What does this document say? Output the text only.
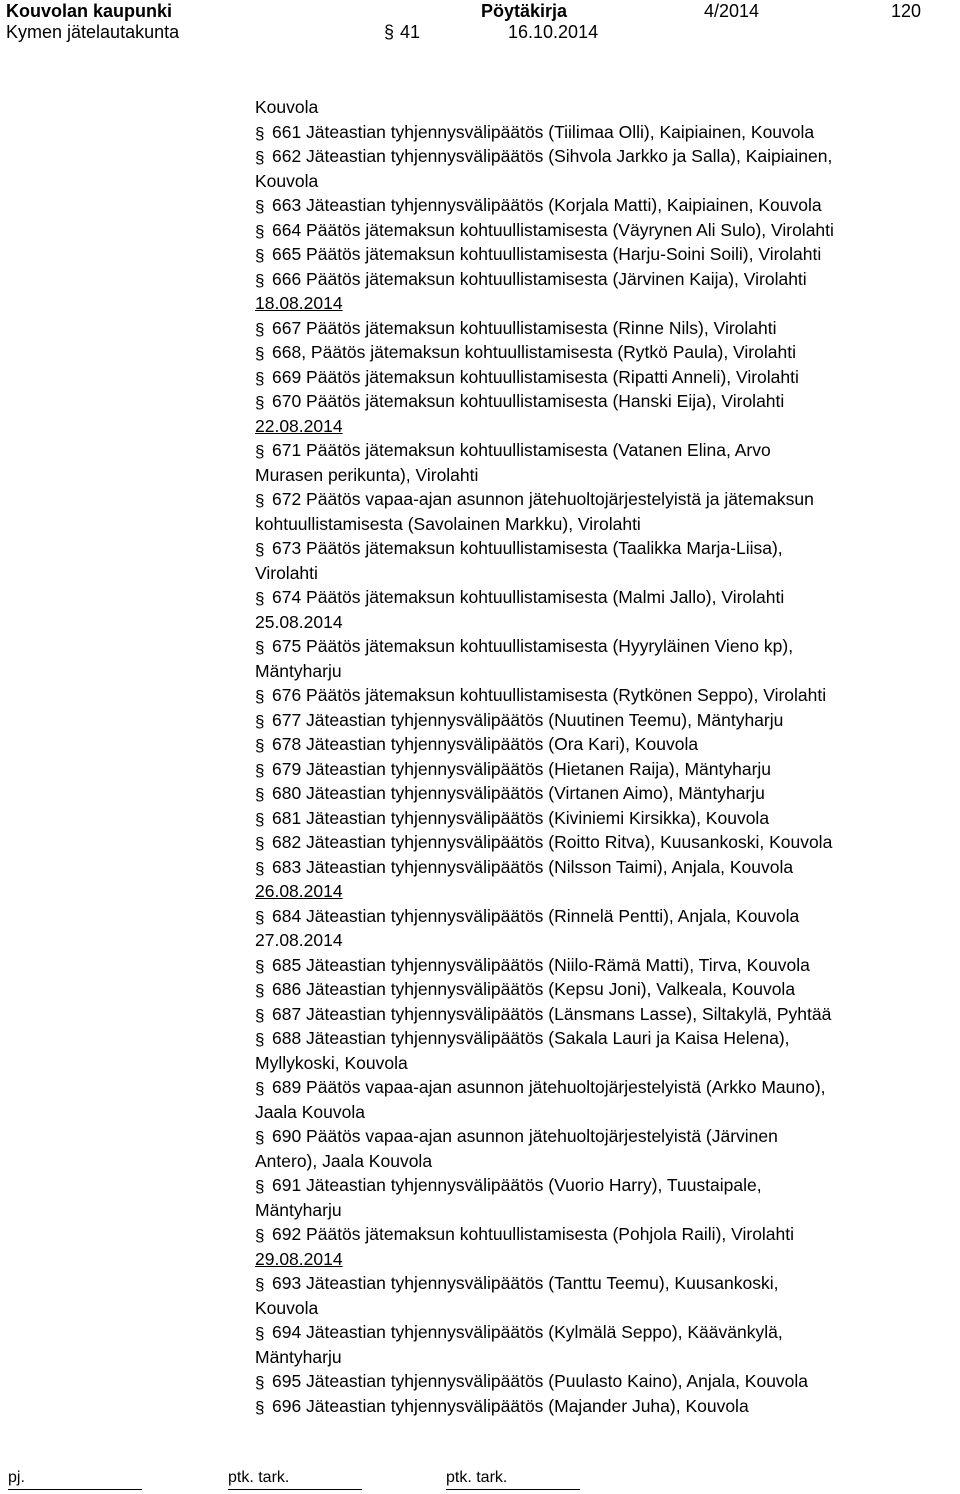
Kouvolan kaupunki	Pöytäkirja	4/2014	120
Kymen jätelautakunta	§ 41	16.10.2014
Kouvola
§ 661 Jäteastian tyhjennysvälipäätös (Tiilimaa Olli), Kaipiainen, Kouvola
§ 662 Jäteastian tyhjennysvälipäätös (Sihvola Jarkko ja Salla), Kaipiainen,
Kouvola
§ 663 Jäteastian tyhjennysvälipäätös (Korjala Matti), Kaipiainen, Kouvola
§ 664 Päätös jätemaksun kohtuullistamisesta (Väyrynen Ali Sulo), Virolahti
§ 665 Päätös jätemaksun kohtuullistamisesta (Harju-Soini Soili), Virolahti
§ 666 Päätös jätemaksun kohtuullistamisesta (Järvinen Kaija), Virolahti
18.08.2014
§ 667 Päätös jätemaksun kohtuullistamisesta (Rinne Nils), Virolahti
§ 668, Päätös jätemaksun kohtuullistamisesta (Rytkö Paula), Virolahti
§ 669 Päätös jätemaksun kohtuullistamisesta (Ripatti Anneli), Virolahti
§ 670 Päätös jätemaksun kohtuullistamisesta (Hanski Eija), Virolahti
22.08.2014
§ 671 Päätös jätemaksun kohtuullistamisesta (Vatanen Elina, Arvo
Murasen perikunta), Virolahti
§ 672 Päätös vapaa-ajan asunnon jätehuoltojärjestelyistä ja jätemaksun
kohtuullistamisesta (Savolainen Markku), Virolahti
§ 673 Päätös jätemaksun kohtuullistamisesta (Taalikka Marja-Liisa),
Virolahti
§ 674 Päätös jätemaksun kohtuullistamisesta (Malmi Jallo), Virolahti
25.08.2014
§ 675 Päätös jätemaksun kohtuullistamisesta (Hyyryläinen Vieno kp),
Mäntyharju
§ 676 Päätös jätemaksun kohtuullistamisesta (Rytkönen Seppo), Virolahti
§ 677 Jäteastian tyhjennysvälipäätös (Nuutinen Teemu), Mäntyharju
§ 678 Jäteastian tyhjennysvälipäätös (Ora Kari), Kouvola
§ 679 Jäteastian tyhjennysvälipäätös (Hietanen Raija), Mäntyharju
§ 680 Jäteastian tyhjennysvälipäätös (Virtanen Aimo), Mäntyharju
§ 681 Jäteastian tyhjennysvälipäätös (Kiviniemi Kirsikka), Kouvola
§ 682 Jäteastian tyhjennysvälipäätös (Roitto Ritva), Kuusankoski, Kouvola
§ 683 Jäteastian tyhjennysvälipäätös (Nilsson Taimi), Anjala, Kouvola
26.08.2014
§ 684 Jäteastian tyhjennysvälipäätös (Rinnelä Pentti), Anjala, Kouvola
27.08.2014
§ 685 Jäteastian tyhjennysvälipäätös (Niilo-Rämä Matti), Tirva, Kouvola
§ 686 Jäteastian tyhjennysvälipäätös (Kepsu Joni), Valkeala, Kouvola
§ 687 Jäteastian tyhjennysvälipäätös (Länsmans Lasse), Siltakylä, Pyhtää
§ 688 Jäteastian tyhjennysvälipäätös (Sakala Lauri ja Kaisa Helena),
Myllykoski, Kouvola
§ 689 Päätös vapaa-ajan asunnon jätehuoltojärjestelyistä (Arkko Mauno),
Jaala Kouvola
§ 690 Päätös vapaa-ajan asunnon jätehuoltojärjestelyistä (Järvinen
Antero), Jaala Kouvola
§ 691 Jäteastian tyhjennysvälipäätös (Vuorio Harry), Tuustaipale,
Mäntyharju
§ 692 Päätös jätemaksun kohtuullistamisesta (Pohjola Raili), Virolahti
29.08.2014
§ 693 Jäteastian tyhjennysvälipäätös (Tanttu Teemu), Kuusankoski,
Kouvola
§ 694 Jäteastian tyhjennysvälipäätös (Kylmälä Seppo), Käävänkylä,
Mäntyharju
§ 695 Jäteastian tyhjennysvälipäätös (Puulasto Kaino), Anjala, Kouvola
§ 696 Jäteastian tyhjennysvälipäätös (Majander Juha), Kouvola
pj.	ptk. tark.	ptk. tark.
